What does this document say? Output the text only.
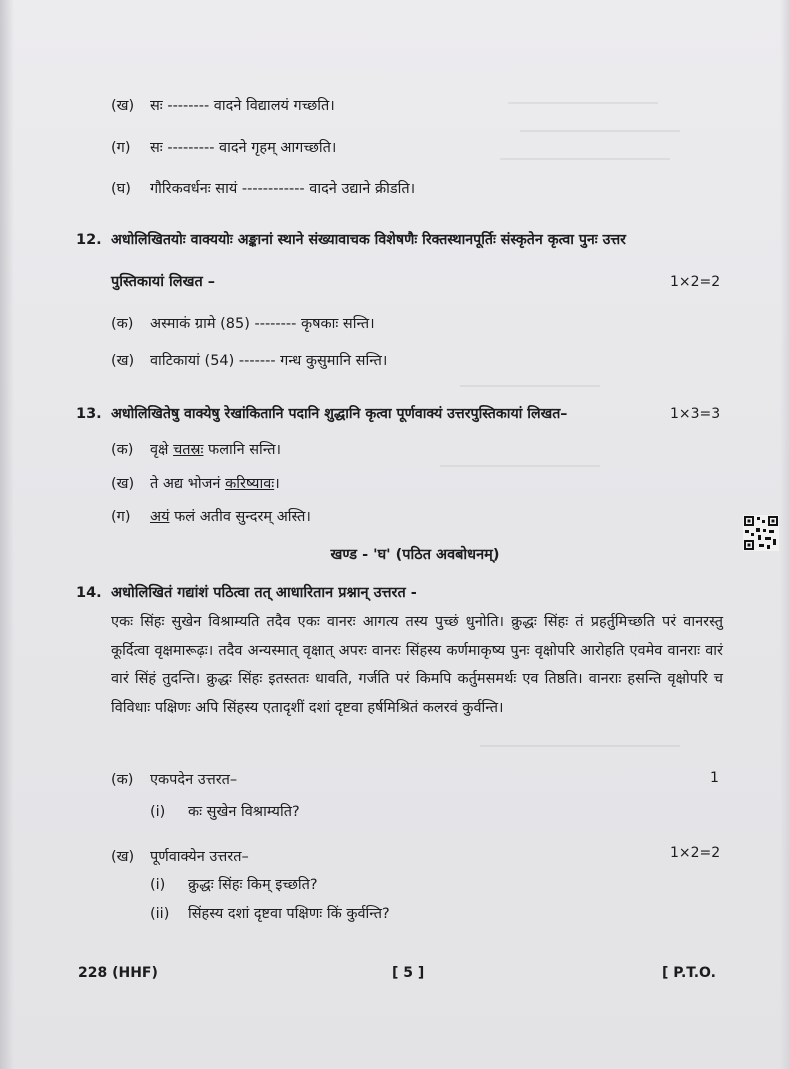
(ख) सः -------- वादने विद्यालयं गच्छति।
(ग) सः --------- वादने गृहम् आगच्छति।
(घ) गौरिकवर्धनः सायं ------------ वादने उद्याने क्रीडति।
12. अधोलिखितयोः वाक्ययोः अङ्कानां स्थाने संख्यावाचक विशेषणैः रिक्तस्थानपूर्तिः संस्कृतेन कृत्वा पुनः उत्तर
पुस्तिकायां लिखत –	1×2=2
(क) अस्माकं ग्रामे (85) -------- कृषकाः सन्ति।
(ख) वाटिकायां (54) ------- गन्ध कुसुमानि सन्ति।
13. अधोलिखितेषु वाक्येषु रेखांकितानि पदानि शुद्धानि कृत्वा पूर्णवाक्यं उत्तरपुस्तिकायां लिखत–	1×3=3
(क) वृक्षे चतस्रः फलानि सन्ति।
(ख) ते अद्य भोजनं करिष्यावः।
(ग) अयं फलं अतीव सुन्दरम् अस्ति।
खण्ड - 'घ' (पठित अवबोधनम्)
14. अधोलिखितं गद्यांशं पठित्वा तत् आधारितान प्रश्नान् उत्तरत -
एकः सिंहः सुखेन विश्राम्यति तदैव एकः वानरः आगत्य तस्य पुच्छं धुनोति। क्रुद्धः सिंहः तं प्रहर्तुमिच्छति परं वानरस्तु कूर्दित्वा वृक्षमारूढ़ः। तदैव अन्यस्मात् वृक्षात् अपरः वानरः सिंहस्य कर्णमाकृष्य पुनः वृक्षोपरि आरोहति एवमेव वानराः वारं वारं सिंहं तुदन्ति। क्रुद्धः सिंहः इतस्ततः धावति, गर्जति परं किमपि कर्तुमसमर्थः एव तिष्ठति। वानराः हसन्ति वृक्षोपरि च विविधाः पक्षिणः अपि सिंहस्य एतादृशीं दशां दृष्टवा हर्षमिश्रितं कलरवं कुर्वन्ति।
(क) एकपदेन उत्तरत–	1
(i) कः सुखेन विश्राम्यति?
(ख) पूर्णवाक्येन उत्तरत–	1×2=2
(i) क्रुद्धः सिंहः किम् इच्छति?
(ii) सिंहस्य दशां दृष्टवा पक्षिणः किं कुर्वन्ति?
228 (HHF)	[ 5 ]	[ P.T.O.
